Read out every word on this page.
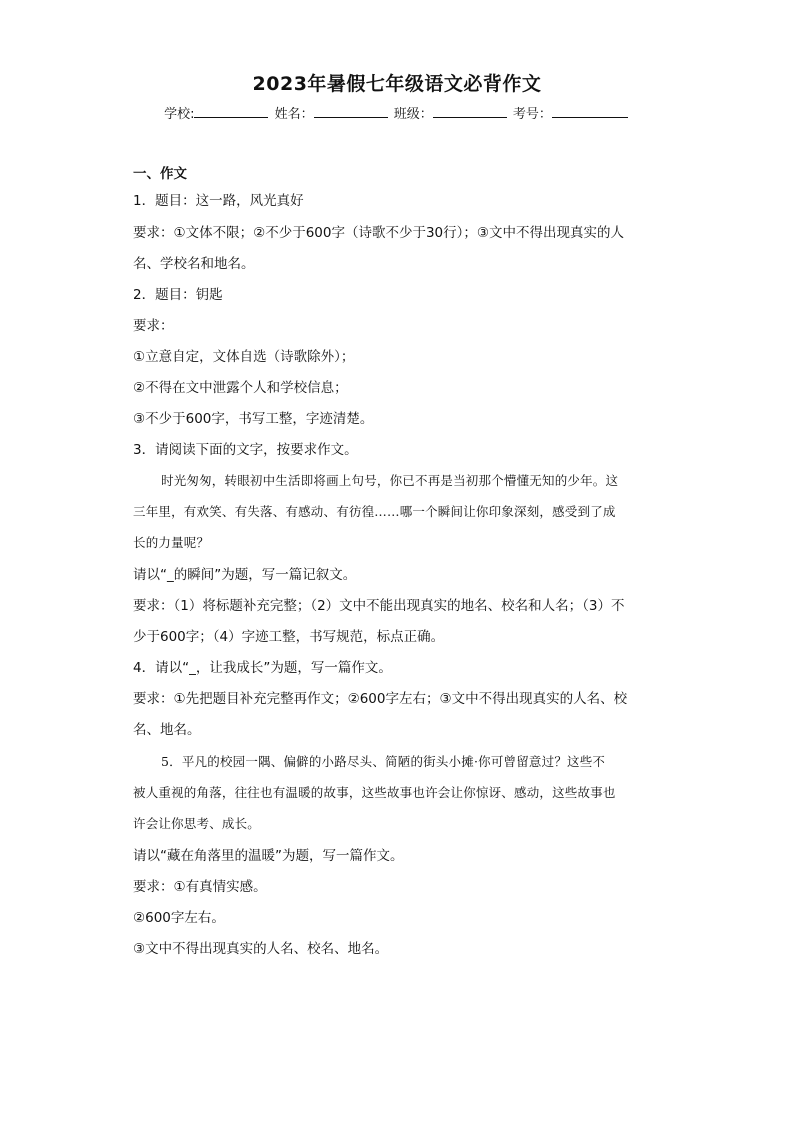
2023年暑假七年级语文必背作文
学校:	姓名：	班级：	考号：
一、作文
1．题目：这一路，风光真好
要求：①文体不限；②不少于600字（诗歌不少于30行）；③文中不得出现真实的人
名、学校名和地名。
2．题目：钥匙
要求：
①立意自定，文体自选（诗歌除外）；
②不得在文中泄露个人和学校信息；
③不少于600字，书写工整，字迹清楚。
3．请阅读下面的文字，按要求作文。
时光匆匆，转眼初中生活即将画上句号，你已不再是当初那个懵懂无知的少年。这
三年里，有欢笑、有失落、有感动、有彷徨……哪一个瞬间让你印象深刻，感受到了成
长的力量呢？
请以“_的瞬间”为题，写一篇记叙文。
要求：（1）将标题补充完整；（2）文中不能出现真实的地名、校名和人名；（3）不
少于600字；（4）字迹工整，书写规范，标点正确。
4．请以“_，让我成长”为题，写一篇作文。
要求：①先把题目补充完整再作文；②600字左右；③文中不得出现真实的人名、校
名、地名。
5．平凡的校园一隅、偏僻的小路尽头、简陋的街头小摊·你可曾留意过？这些不
被人重视的角落，往往也有温暖的故事，这些故事也许会让你惊讶、感动，这些故事也
许会让你思考、成长。
请以“藏在角落里的温暖”为题，写一篇作文。
要求：①有真情实感。
②600字左右。
③文中不得出现真实的人名、校名、地名。
